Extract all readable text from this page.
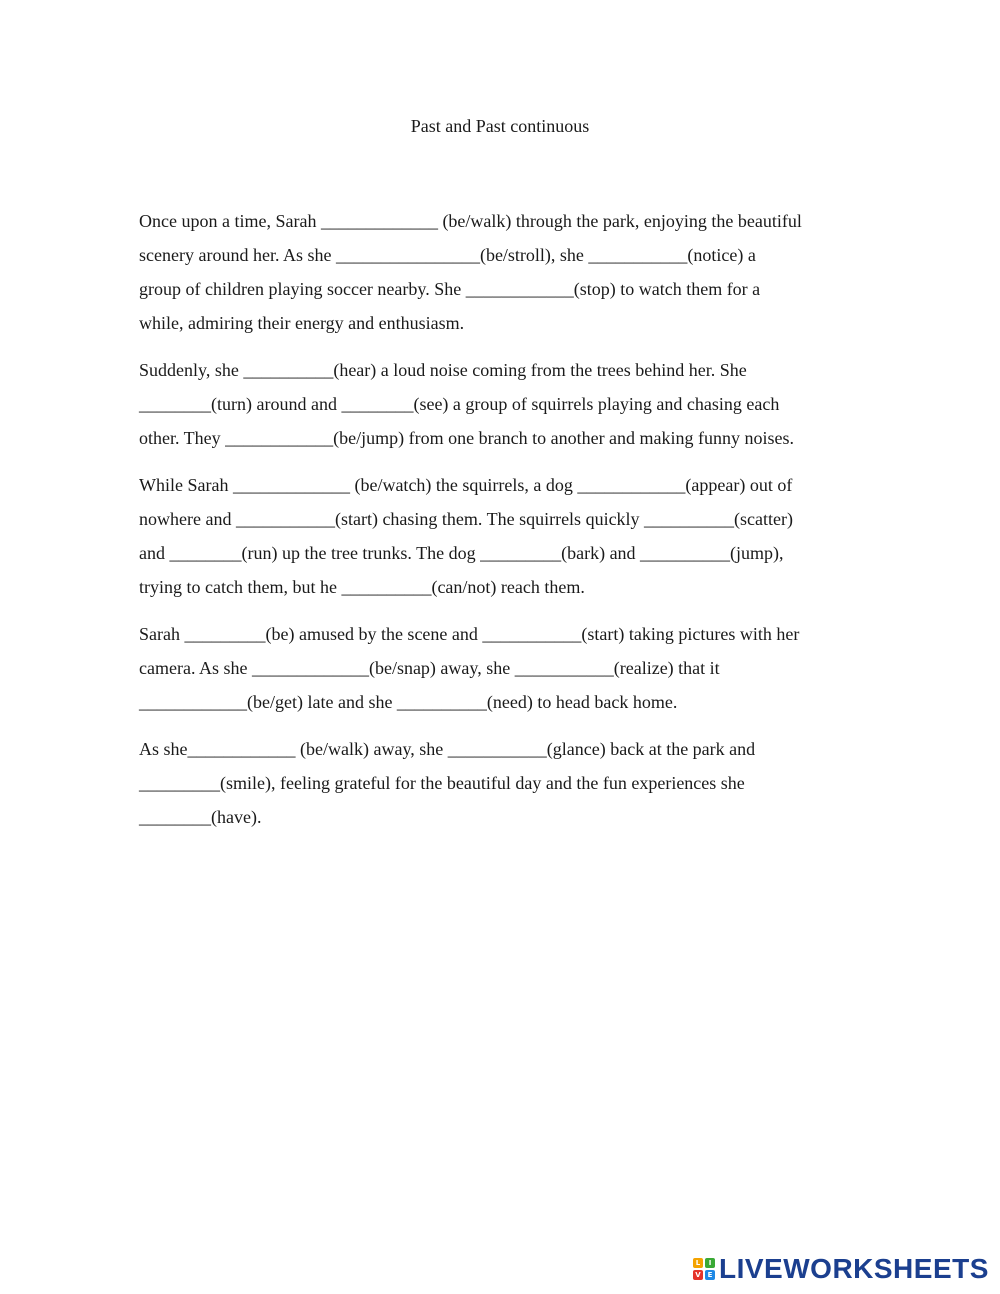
Past and Past continuous
Once upon a time, Sarah _____________ (be/walk) through the park, enjoying the beautiful
scenery around her. As she ________________(be/stroll), she ___________(notice) a
group of children playing soccer nearby. She ____________(stop) to watch them for a
while, admiring their energy and enthusiasm.
Suddenly, she __________(hear) a loud noise coming from the trees behind her. She
________(turn) around and ________(see) a group of squirrels playing and chasing each
other. They ____________(be/jump) from one branch to another and making funny noises.
While Sarah _____________ (be/watch) the squirrels, a dog ____________(appear) out of
nowhere and ___________(start) chasing them. The squirrels quickly __________(scatter)
and ________(run) up the tree trunks. The dog _________(bark) and __________(jump),
trying to catch them, but he __________(can/not) reach them.
Sarah _________(be) amused by the scene and ___________(start) taking pictures with her
camera. As she _____________(be/snap) away, she ___________(realize) that it
____________(be/get) late and she __________(need) to head back home.
As she____________ (be/walk) away, she ___________(glance) back at the park and
_________(smile), feeling grateful for the beautiful day and the fun experiences she
________(have).
L	I
V E LIVEWORKSHEETS
